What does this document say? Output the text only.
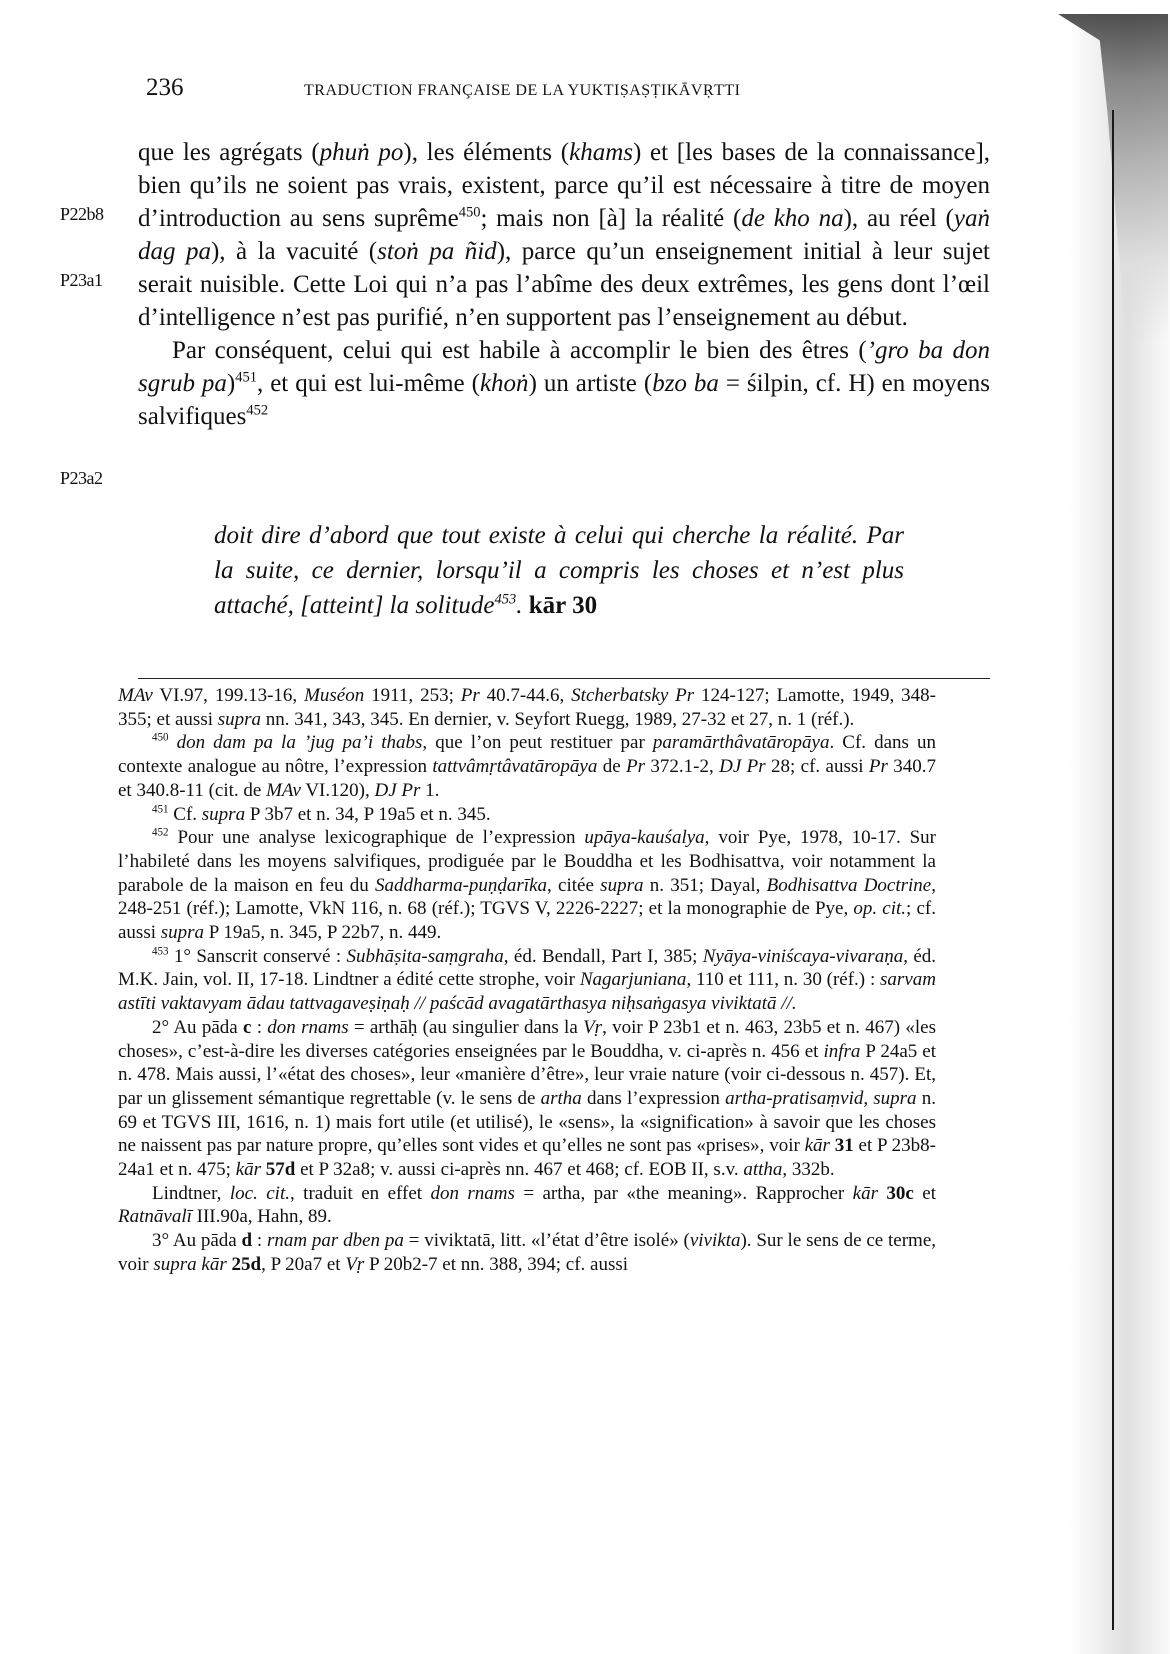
236	TRADUCTION FRANÇAISE DE LA YUKTIṢAṢṬIKĀVṚTTI
P22b8
P23a1
P23a2

que les agrégats (phuṅ po), les éléments (khams) et [les bases de la connaissance], bien qu’ils ne soient pas vrais, existent, parce qu’il est nécessaire à titre de moyen d’introduction au sens suprême$^{450}$; mais non [à] la réalité (de kho na), au réel (yaṅ dag pa), à la vacuité (stoṅ pa ñid), parce qu’un enseignement initial à leur sujet serait nuisible. Cette Loi qui n’a pas l’abîme des deux extrêmes, les gens dont l’œil d’intelligence n’est pas purifié, n’en supportent pas l’enseignement au début.

Par conséquent, celui qui est habile à accomplir le bien des êtres (’gro ba don sgrub pa)$^{451}$, et qui est lui-même (khoṅ) un artiste (bzo ba = śilpin, cf. H) en moyens salvifiques$^{452}$

doit dire d’abord que tout existe à celui qui cherche la réalité. Par la suite, ce dernier, lorsqu’il a compris les choses et n’est plus attaché, [atteint] la solitude$^{453}$. kār 30

MAv VI.97, 199.13-16, Muséon 1911, 253; Pr 40.7-44.6, Stcherbatsky Pr 124-127; Lamotte, 1949, 348-355; et aussi supra nn. 341, 343, 345. En dernier, v. Seyfort Ruegg, 1989, 27-32 et 27, n. 1 (réf.).

$^{450}$ don dam pa la ’jug pa’i thabs, que l’on peut restituer par paramārthâvatāropāya. Cf. dans un contexte analogue au nôtre, l’expression tattvâmṛtâvatāropāya de Pr 372.1-2, DJ Pr 28; cf. aussi Pr 340.7 et 340.8-11 (cit. de MAv VI.120), DJ Pr 1.

$^{451}$ Cf. supra P 3b7 et n. 34, P 19a5 et n. 345.

$^{452}$ Pour une analyse lexicographique de l’expression upāya-kauśalya, voir Pye, 1978, 10-17. Sur l’habileté dans les moyens salvifiques, prodiguée par le Bouddha et les Bodhisattva, voir notamment la parabole de la maison en feu du Saddharma-puṇḍarīka, citée supra n. 351; Dayal, Bodhisattva Doctrine, 248-251 (réf.); Lamotte, VkN 116, n. 68 (réf.); TGVS V, 2226-2227; et la monographie de Pye, op. cit.; cf. aussi supra P 19a5, n. 345, P 22b7, n. 449.

$^{453}$ 1° Sanscrit conservé : Subhāṣita-saṃgraha, éd. Bendall, Part I, 385; Nyāya-viniścaya-vivaraṇa, éd. M.K. Jain, vol. II, 17-18. Lindtner a édité cette strophe, voir Nagarjuniana, 110 et 111, n. 30 (réf.) : sarvam astīti vaktavyam ādau tattvagaveṣiṇaḥ // paścād avagatārthasya niḥsaṅgasya viviktatā //.

2° Au pāda c : don rnams = arthāḥ (au singulier dans la Vṛ, voir P 23b1 et n. 463, 23b5 et n. 467) «les choses», c’est-à-dire les diverses catégories enseignées par le Bouddha, v. ci-après n. 456 et infra P 24a5 et n. 478. Mais aussi, l’«état des choses», leur «manière d’être», leur vraie nature (voir ci-dessous n. 457). Et, par un glissement sémantique regrettable (v. le sens de artha dans l’expression artha-pratisaṃvid, supra n. 69 et TGVS III, 1616, n. 1) mais fort utile (et utilisé), le «sens», la «signification» à savoir que les choses ne naissent pas par nature propre, qu’elles sont vides et qu’elles ne sont pas «prises», voir kār 31 et P 23b8-24a1 et n. 475; kār 57d et P 32a8; v. aussi ci-après nn. 467 et 468; cf. EOB II, s.v. attha, 332b.

Lindtner, loc. cit., traduit en effet don rnams = artha, par «the meaning». Rapprocher kār 30c et Ratnāvalī III.90a, Hahn, 89.

3° Au pāda d : rnam par dben pa = viviktatā, litt. «l’état d’être isolé» (vivikta). Sur le sens de ce terme, voir supra kār 25d, P 20a7 et Vṛ P 20b2-7 et nn. 388, 394; cf. aussi
